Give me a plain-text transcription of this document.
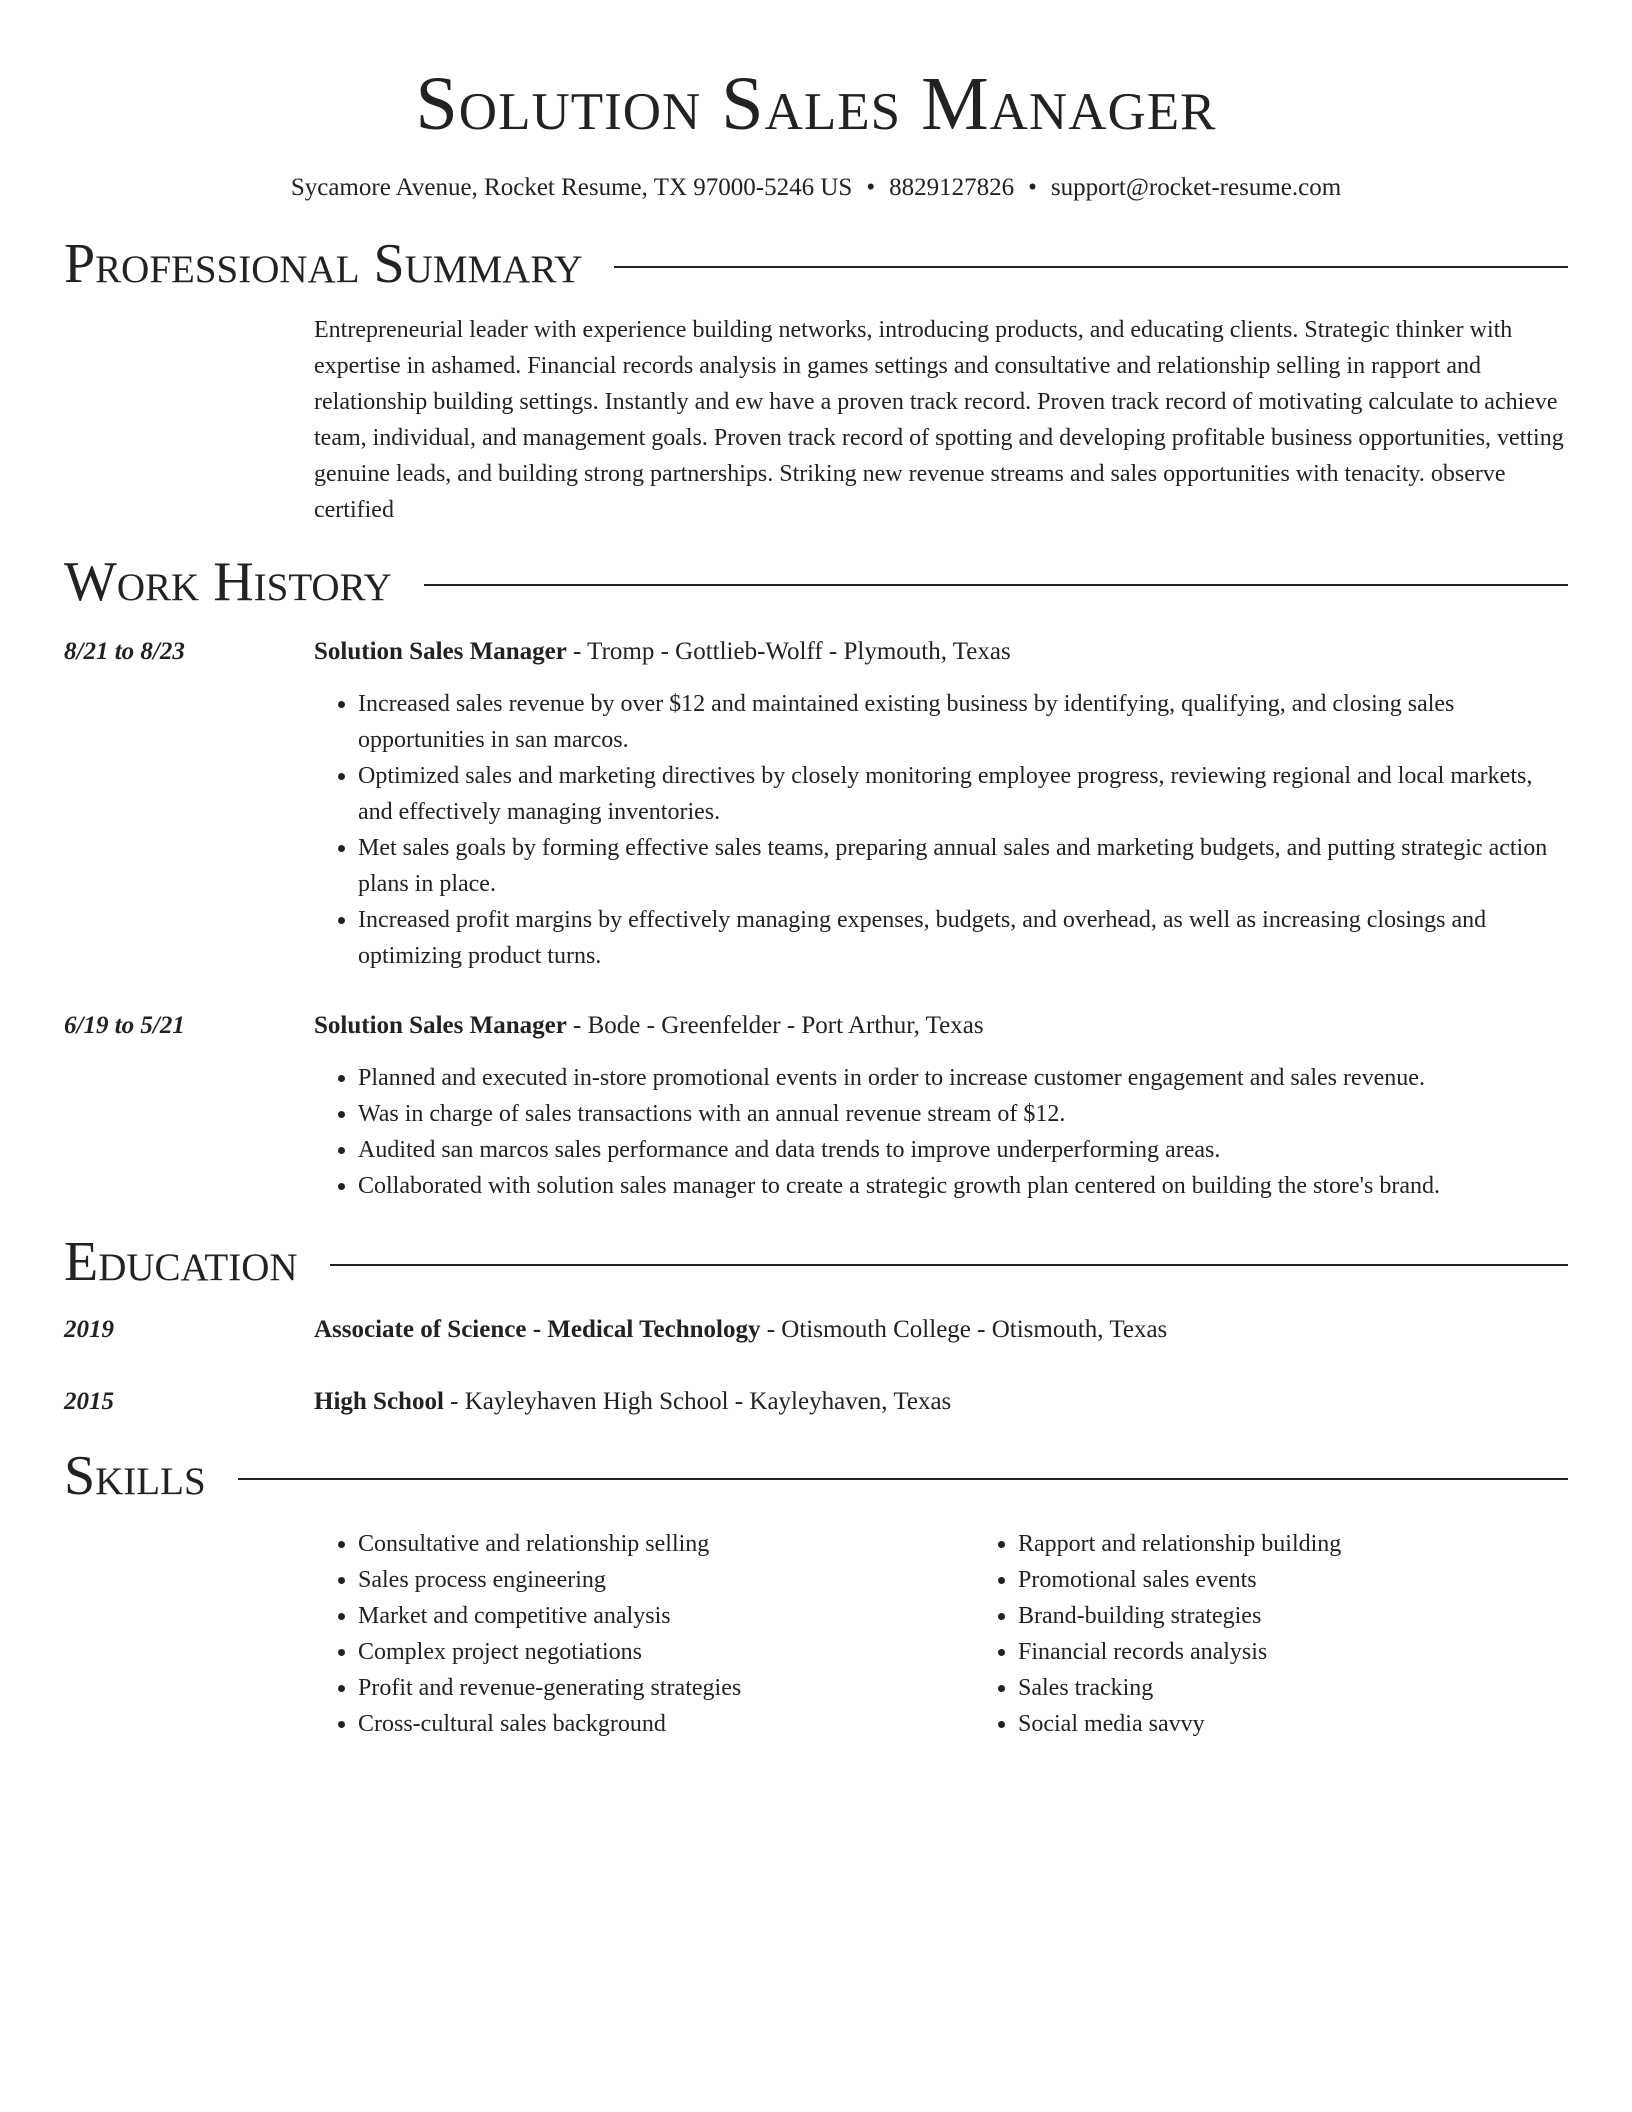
Solution Sales Manager
Sycamore Avenue, Rocket Resume, TX 97000-5246 US • 8829127826 • support@rocket-resume.com
Professional Summary

Entrepreneurial leader with experience building networks, introducing products, and educating clients. Strategic thinker with expertise in ashamed. Financial records analysis in games settings and consultative and relationship selling in rapport and relationship building settings. Instantly and ew have a proven track record. Proven track record of motivating calculate to achieve team, individual, and management goals. Proven track record of spotting and developing profitable business opportunities, vetting genuine leads, and building strong partnerships. Striking new revenue streams and sales opportunities with tenacity. observe certified

Work History
8/21 to 8/23	Solution Sales Manager - Tromp - Gottlieb-Wolff - Plymouth, Texas
• Increased sales revenue by over $12 and maintained existing business by identifying, qualifying, and closing sales opportunities in san marcos.
• Optimized sales and marketing directives by closely monitoring employee progress, reviewing regional and local markets, and effectively managing inventories.
• Met sales goals by forming effective sales teams, preparing annual sales and marketing budgets, and putting strategic action plans in place.
• Increased profit margins by effectively managing expenses, budgets, and overhead, as well as increasing closings and optimizing product turns.
6/19 to 5/21	Solution Sales Manager - Bode - Greenfelder - Port Arthur, Texas
• Planned and executed in-store promotional events in order to increase customer engagement and sales revenue.
• Was in charge of sales transactions with an annual revenue stream of $12.
• Audited san marcos sales performance and data trends to improve underperforming areas.
• Collaborated with solution sales manager to create a strategic growth plan centered on building the store's brand.
Education
2019	Associate of Science - Medical Technology - Otismouth College - Otismouth, Texas
2015	High School - Kayleyhaven High School - Kayleyhaven, Texas
Skills
• Consultative and relationship selling
• Sales process engineering
• Market and competitive analysis
• Complex project negotiations
• Profit and revenue-generating strategies
• Cross-cultural sales background
• Rapport and relationship building
• Promotional sales events
• Brand-building strategies
• Financial records analysis
• Sales tracking
• Social media savvy
